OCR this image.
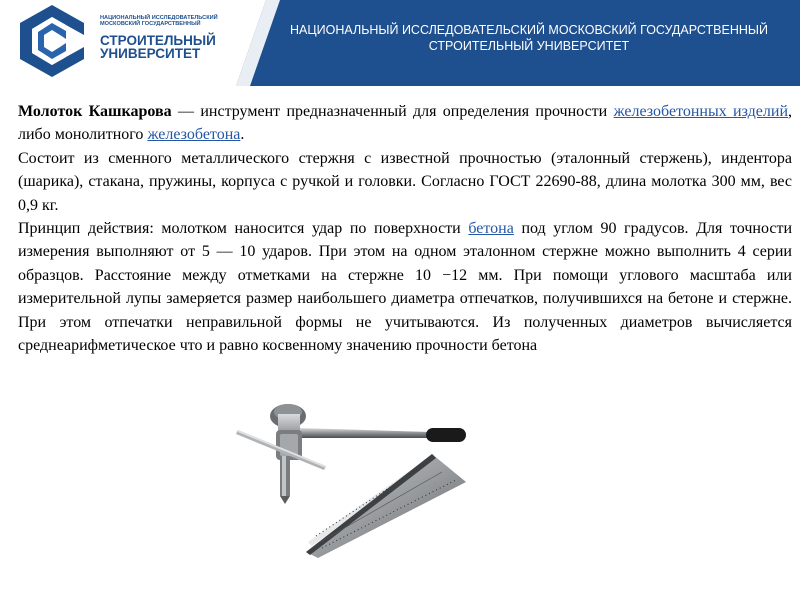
НАЦИОНАЛЬНЫЙ ИССЛЕДОВАТЕЛЬСКИЙ
МОСКОВСКИЙ ГОСУДАРСТВЕННЫЙ
СТРОИТЕЛЬНЫЙ
УНИВЕРСИТЕТ
НАЦИОНАЛЬНЫЙ ИССЛЕДОВАТЕЛЬСКИЙ МОСКОВСКИЙ ГОСУДАРСТВЕННЫЙ
СТРОИТЕЛЬНЫЙ УНИВЕРСИТЕТ

Молоток Кашкарова — инструмент предназначенный для определения прочности железобетонных изделий, либо монолитного железобетона.

Состоит из сменного металлического стержня с известной прочностью (эталонный стержень), индентора (шарика), стакана, пружины, корпуса с ручкой и головки. Согласно ГОСТ 22690-88, длина молотка 300 мм, вес 0,9 кг.

Принцип действия: молотком наносится удар по поверхности бетона под углом 90 градусов. Для точности измерения выполняют от 5 — 10 ударов. При этом на одном эталонном стержне можно выполнить 4 серии образцов. Расстояние между отметками на стержне 10 −12 мм. При помощи углового масштаба или измерительной лупы замеряется размер наибольшего диаметра отпечатков, получившихся на бетоне и стержне. При этом отпечатки неправильной формы не учитываются. Из полученных диаметров вычисляется среднеарифметическое что и равно косвенному значению прочности бетона
